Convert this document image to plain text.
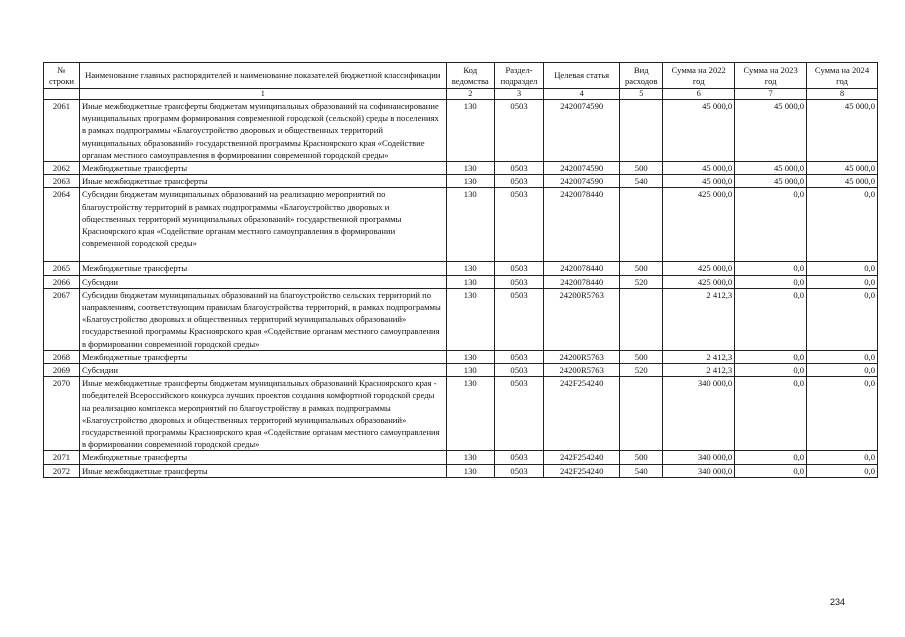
№ строки	Наименование главных распорядителей и наименование показателей бюджетной классификации	Код ведомства	Раздел-подраздел	Целевая статья	Вид расходов	Сумма на 2022 год	Сумма на 2023 год	Сумма на 2024 год
	1	2	3	4	5	6	7	8
2061	Иные межбюджетные трансферты бюджетам муниципальных образований на софинансирование муниципальных программ формирования современной городской (сельской) среды в поселениях в рамках подпрограммы «Благоустройство дворовых и общественных территорий муниципальных образований» государственной программы Красноярского края «Содействие органам местного самоуправления в формировании современной городской среды»	130	0503	2420074590		45 000,0	45 000,0	45 000,0
2062	Межбюджетные трансферты	130	0503	2420074590	500	45 000,0	45 000,0	45 000,0
2063	Иные межбюджетные трансферты	130	0503	2420074590	540	45 000,0	45 000,0	45 000,0
2064	Субсидии бюджетам муниципальных образований на реализацию мероприятий по благоустройству территорий в рамках подпрограммы «Благоустройство дворовых и общественных территорий муниципальных образований» государственной программы Красноярского края «Содействие органам местного самоуправления в формировании современной городской среды»	130	0503	2420078440		425 000,0	0,0	0,0
2065	Межбюджетные трансферты	130	0503	2420078440	500	425 000,0	0,0	0,0
2066	Субсидии	130	0503	2420078440	520	425 000,0	0,0	0,0
2067	Субсидии бюджетам муниципальных образований на благоустройство сельских территорий по направлениям, соответствующим правилам благоустройства территорий, в рамках подпрограммы «Благоустройство дворовых и общественных территорий муниципальных образований» государственной программы Красноярского края «Содействие органам местного самоуправления в формировании современной городской среды»	130	0503	24200R5763		2 412,3	0,0	0,0
2068	Межбюджетные трансферты	130	0503	24200R5763	500	2 412,3	0,0	0,0
2069	Субсидии	130	0503	24200R5763	520	2 412,3	0,0	0,0
2070	Иные межбюджетные трансферты бюджетам муниципальных образований Красноярского края - победителей Всероссийского конкурса лучших проектов создания комфортной городской среды на реализацию комплекса мероприятий по благоустройству в рамках подпрограммы «Благоустройство дворовых и общественных территорий муниципальных образований» государственной программы Красноярского края «Содействие органам местного самоуправления в формировании современной городской среды»	130	0503	242F254240		340 000,0	0,0	0,0
2071	Межбюджетные трансферты	130	0503	242F254240	500	340 000,0	0,0	0,0
2072	Иные межбюджетные трансферты	130	0503	242F254240	540	340 000,0	0,0	0,0
234
